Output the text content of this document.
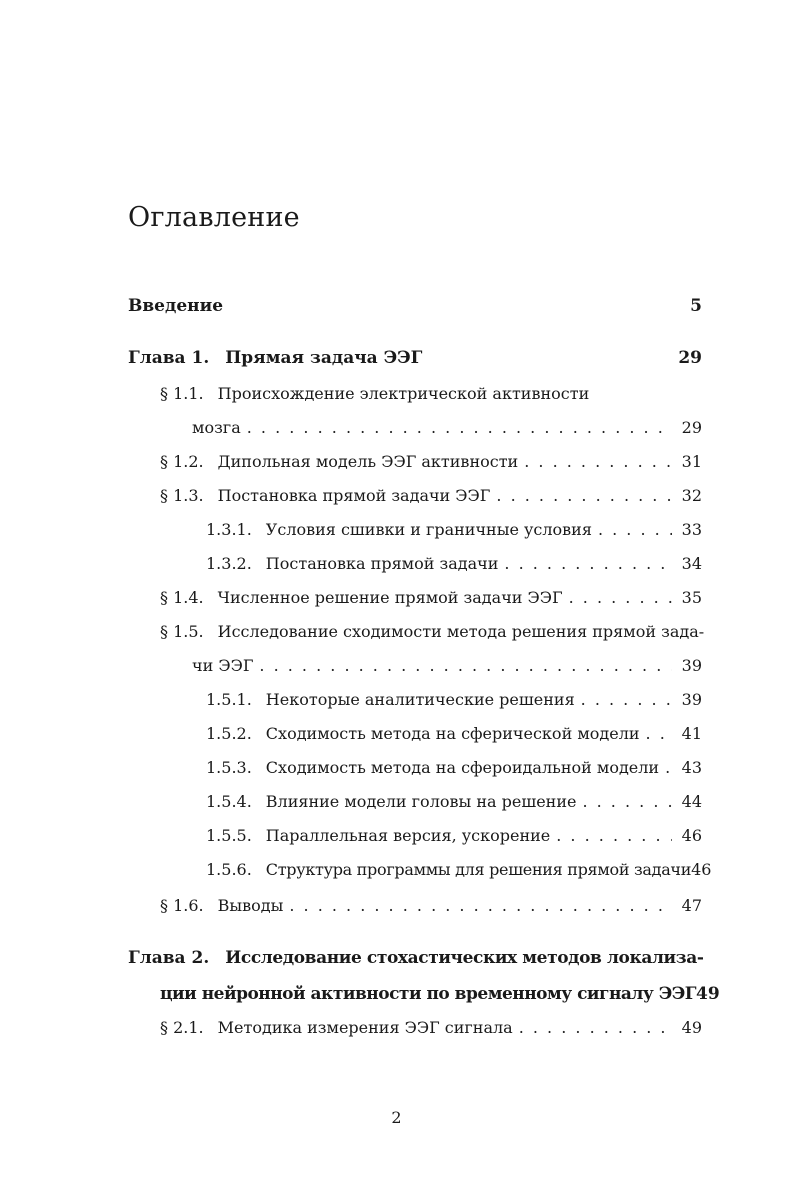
Оглавление
Введение	5
Глава 1. Прямая задача ЭЭГ	29
§ 1.1. Происхождение электрической активности
мозга . . .	29
§ 1.2. Дипольная модель ЭЭГ активности . . .	31
§ 1.3. Постановка прямой задачи ЭЭГ . . .	32
1.3.1. Условия сшивки и граничные условия . . .	33
1.3.2. Постановка прямой задачи . . .	34
§ 1.4. Численное решение прямой задачи ЭЭГ . . .	35
§ 1.5. Исследование сходимости метода решения прямой зада-
чи ЭЭГ . . .	39
1.5.1. Некоторые аналитические решения . . .	39
1.5.2. Сходимость метода на сферической модели . . .	41
1.5.3. Сходимость метода на сфероидальной модели . . . 43
1.5.4. Влияние модели головы на решение . . .	44
1.5.5. Параллельная версия, ускорение . . .	46
1.5.6. Структура программы для решения прямой задачи 46
§ 1.6. Выводы . . .	47
Глава 2. Исследование стохастических методов локализа-
ции нейронной активности по временному сигналу ЭЭГ 49
§ 2.1. Методика измерения ЭЭГ сигнала . . .	49
2
